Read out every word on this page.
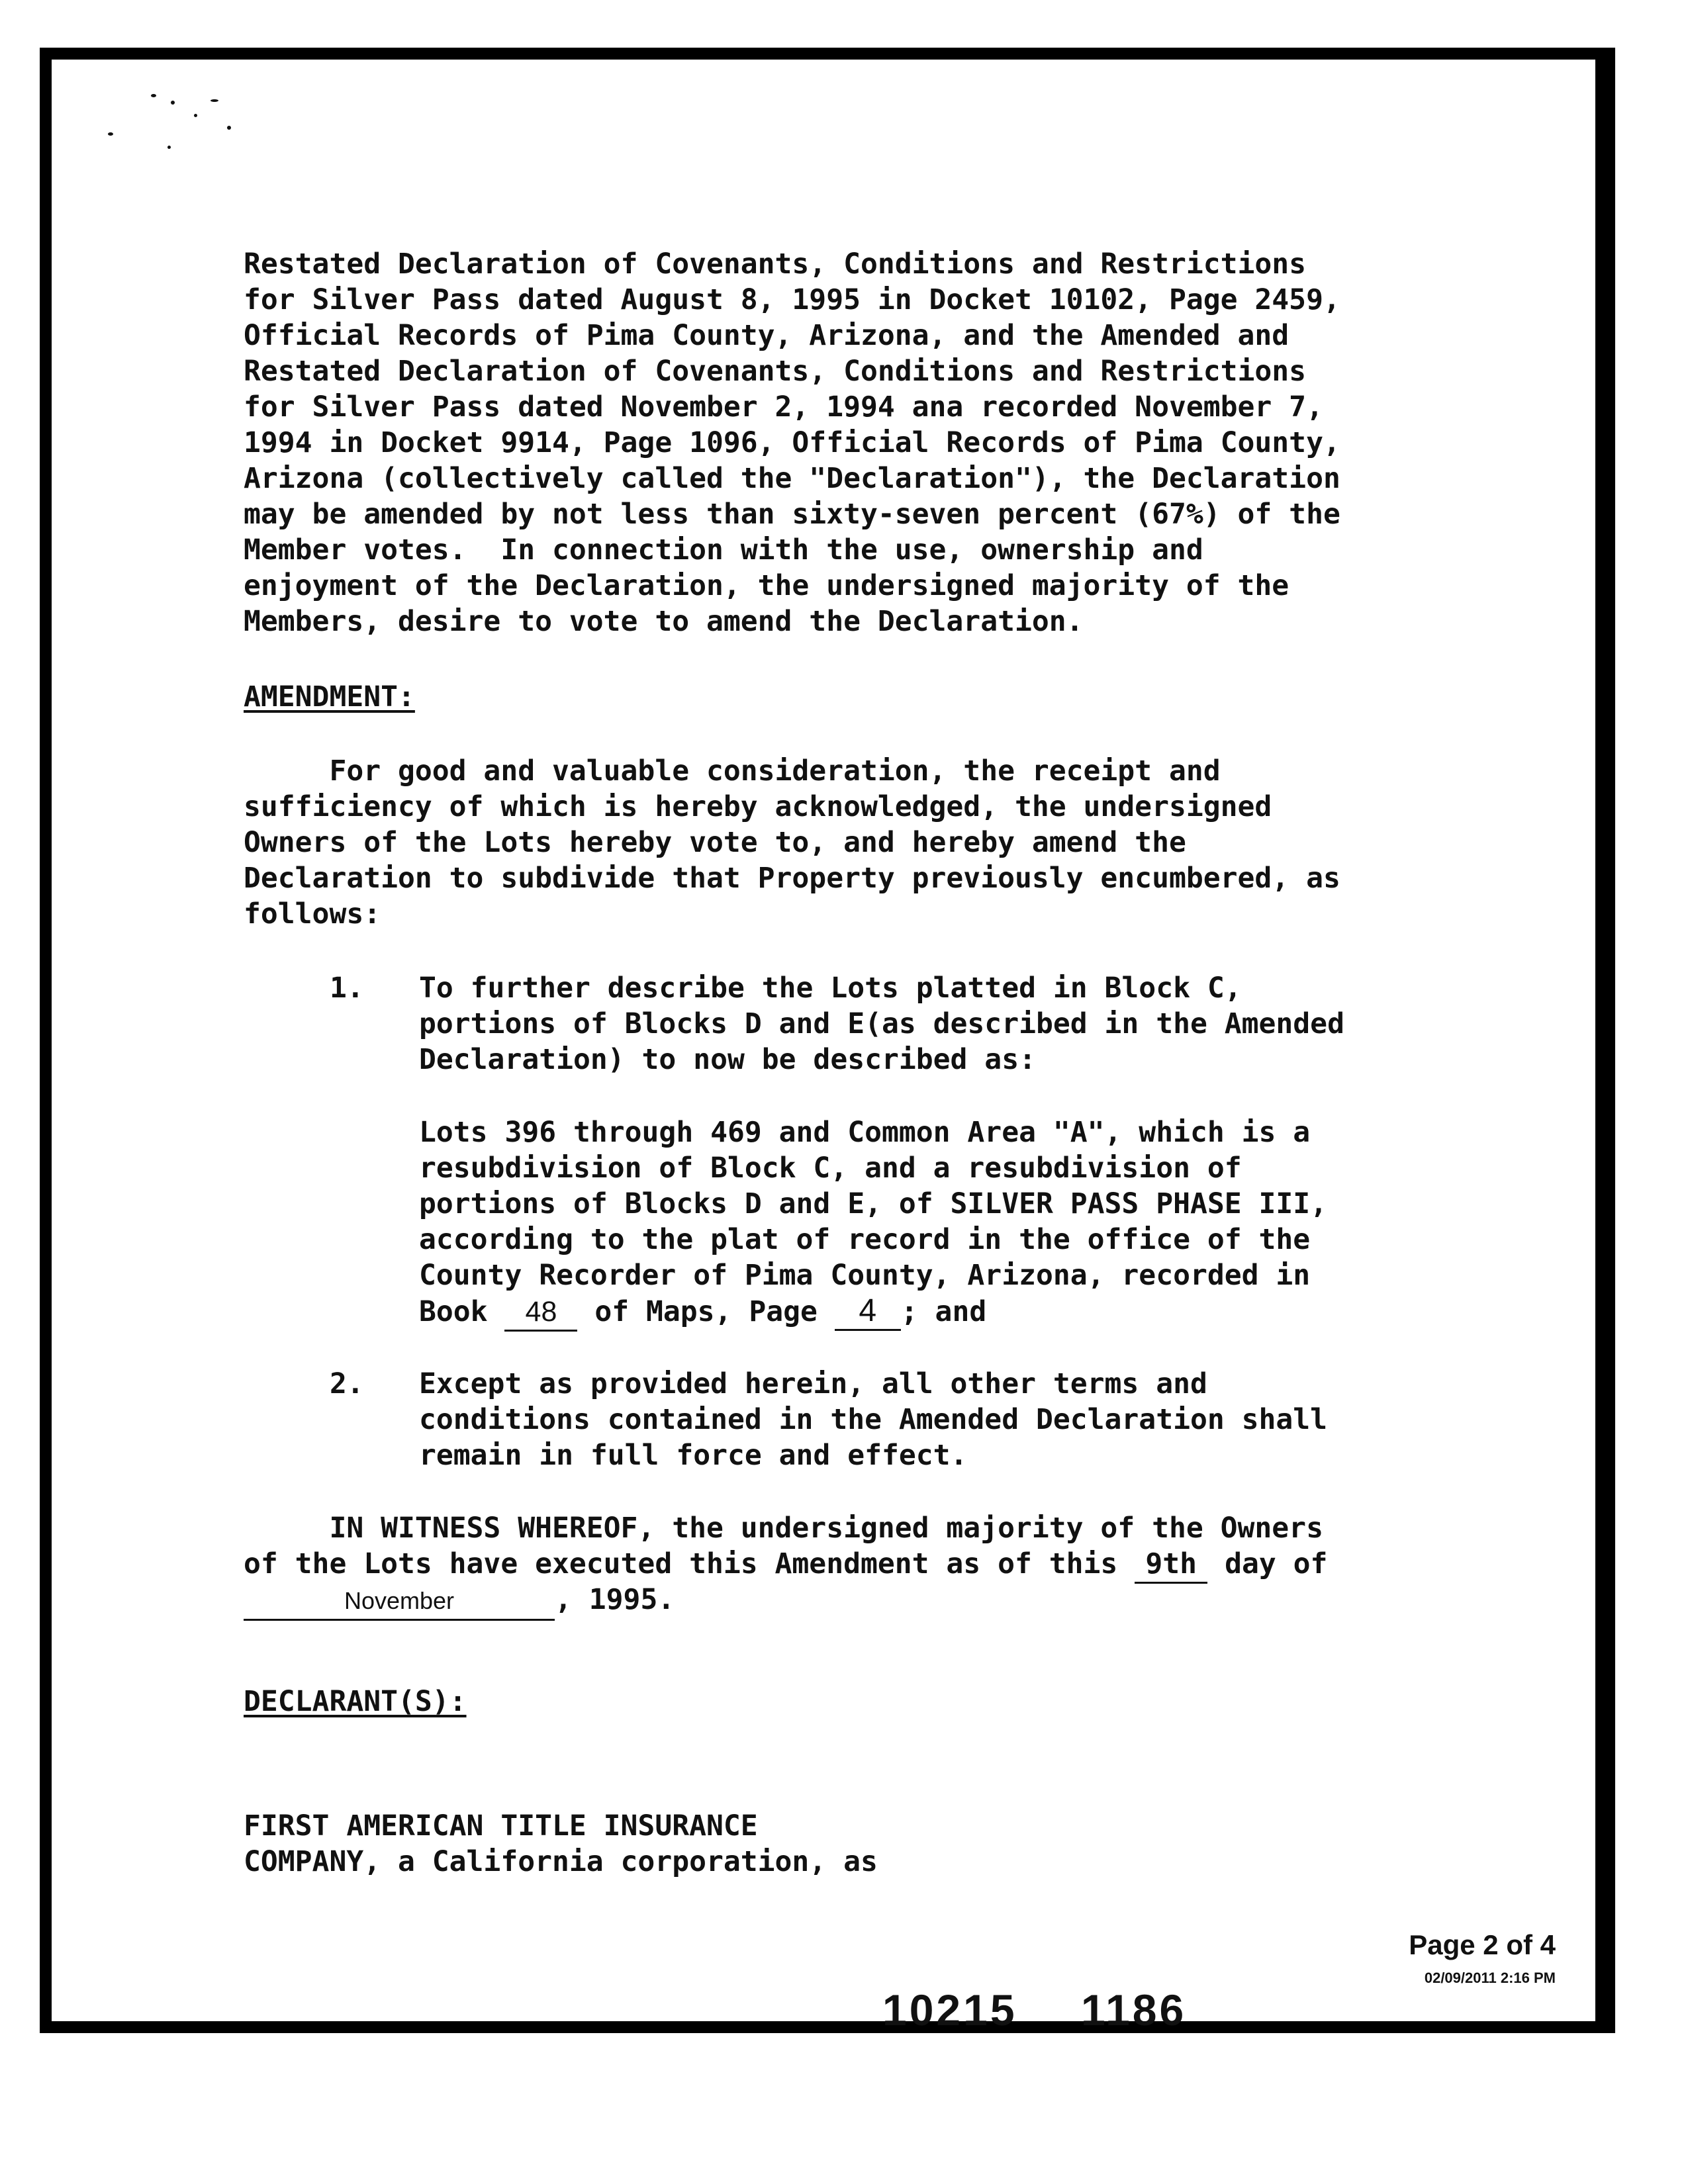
Restated Declaration of Covenants, Conditions and Restrictions
for Silver Pass dated August 8, 1995 in Docket 10102, Page 2459,
Official Records of Pima County, Arizona, and the Amended and
Restated Declaration of Covenants, Conditions and Restrictions
for Silver Pass dated November 2, 1994 ana recorded November 7,
1994 in Docket 9914, Page 1096, Official Records of Pima County,
Arizona (collectively called the "Declaration"), the Declaration
may be amended by not less than sixty-seven percent (67%) of the
Member votes.  In connection with the use, ownership and
enjoyment of the Declaration, the undersigned majority of the
Members, desire to vote to amend the Declaration.
AMENDMENT:
For good and valuable consideration, the receipt and
sufficiency of which is hereby acknowledged, the undersigned
Owners of the Lots hereby vote to, and hereby amend the
Declaration to subdivide that Property previously encumbered, as
follows:
1. To further describe the Lots platted in Block C,
portions of Blocks D and E(as described in the Amended
Declaration) to now be described as:
Lots 396 through 469 and Common Area "A", which is a
resubdivision of Block C, and a resubdivision of
portions of Blocks D and E, of SILVER PASS PHASE III,
according to the plat of record in the office of the
County Recorder of Pima County, Arizona, recorded in
Book 48 of Maps, Page 4 ; and
2. Except as provided herein, all other terms and
conditions contained in the Amended Declaration shall
remain in full force and effect.
IN WITNESS WHEREOF, the undersigned majority of the Owners
of the Lots have executed this Amendment as of this 9th day of
November	, 1995.
DECLARANT(S):
FIRST AMERICAN TITLE INSURANCE
COMPANY, a California corporation, as
Page 2 of 4
02/09/2011 2:16 PM
10215 1186
